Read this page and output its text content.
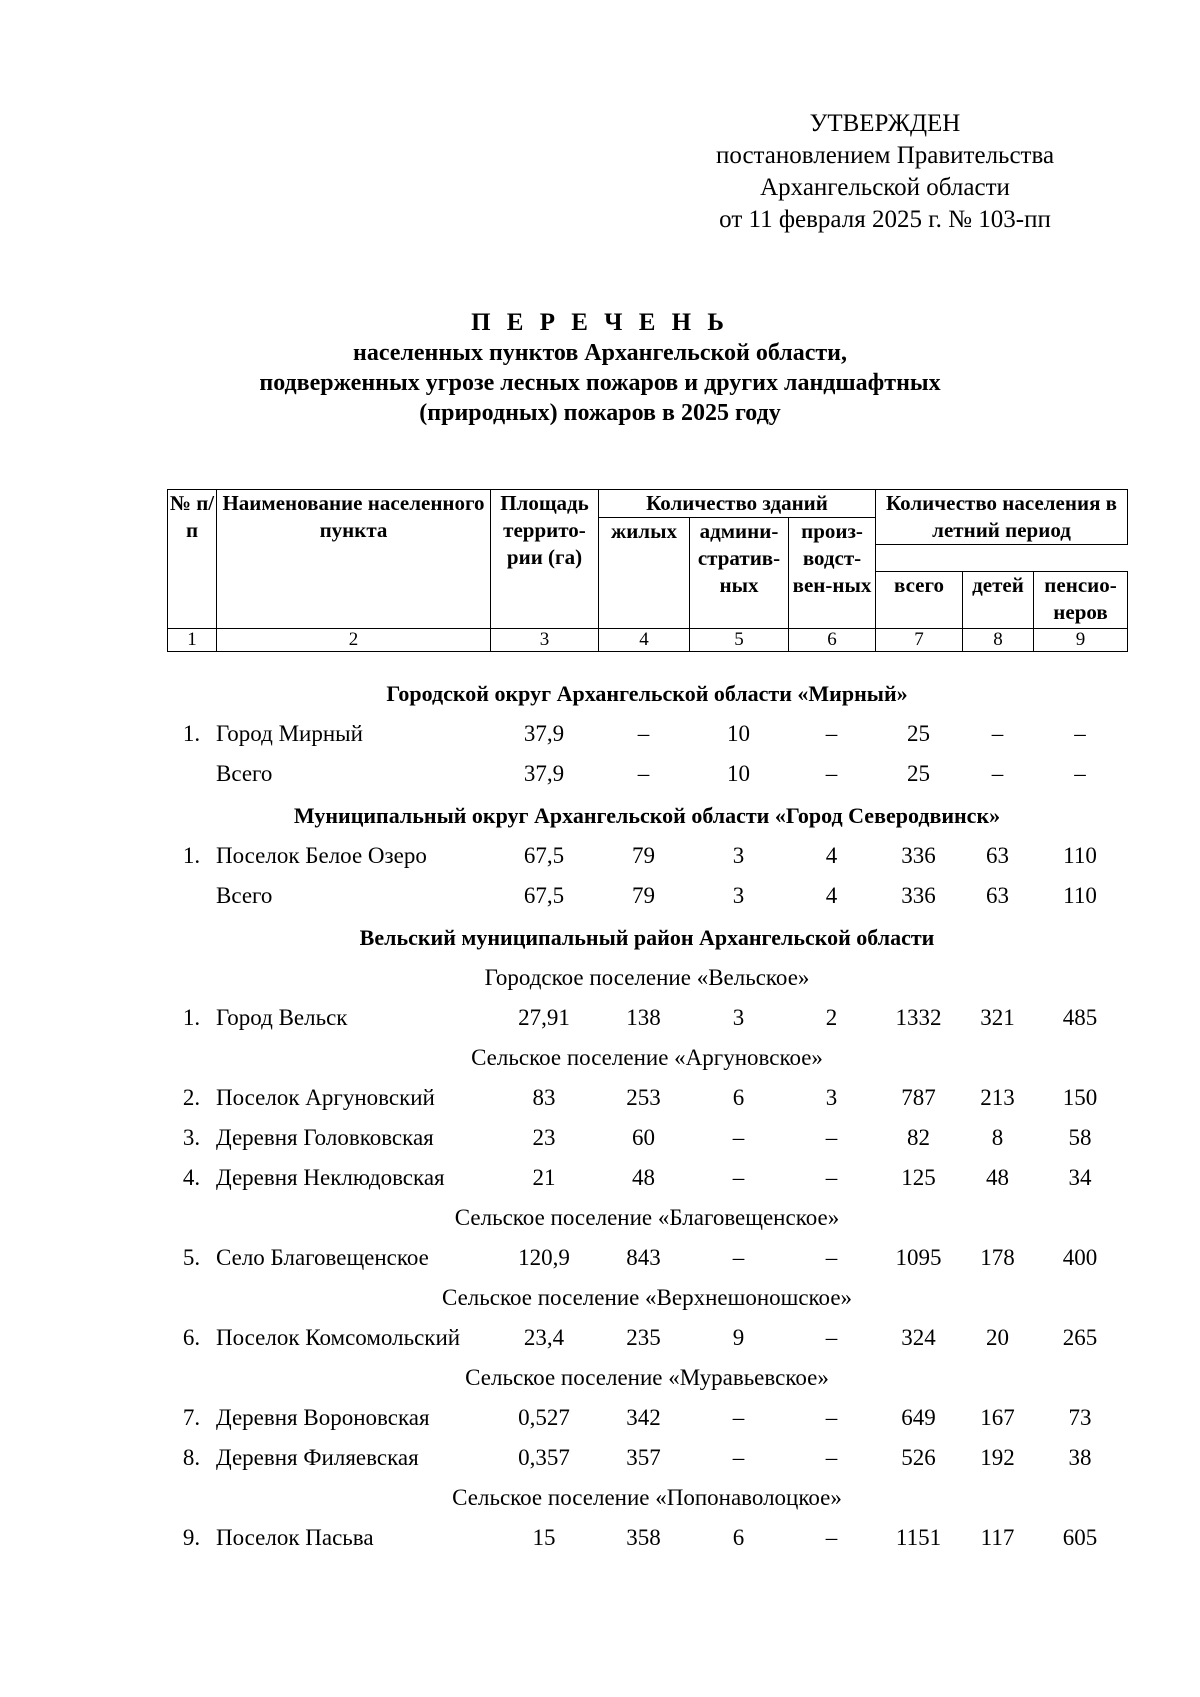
УТВЕРЖДЕН
постановлением Правительства
Архангельской области
от 11 февраля 2025 г. № 103-пп
П Е Р Е Ч Е Н Ь
населенных пунктов Архангельской области,
подверженных угрозе лесных пожаров и других ландшафтных
(природных) пожаров в 2025 году
№ п/п	Наименование населенного пункта	Площадь террито-рии (га)	Количество зданий			Количество населения в летний период		
			жилых	админи-стратив-ных	произ-водст-вен-ных			

						всего	детей	пенсио-неров
1	2	3	4	5	6	7	8	9
Городской округ Архангельской области «Мирный»
1. Город Мирный	37,9	–	10	–	25	–	–
Всего	37,9	–	10	–	25	–	–
Муниципальный округ Архангельской области «Город Северодвинск»
1. Поселок Белое Озеро	67,5	79	3	4	336	63	110
Всего	67,5	79	3	4	336	63	110
Вельский муниципальный район Архангельской области
Городское поселение «Вельское»
1. Город Вельск	27,91	138	3	2	1332	321	485
Сельское поселение «Аргуновское»
2. Поселок Аргуновский	83	253	6	3	787	213	150
3. Деревня Головковская	23	60	–	–	82	8	58
4. Деревня Неклюдовская	21	48	–	–	125	48	34
Сельское поселение «Благовещенское»
5. Село Благовещенское	120,9	843	–	–	1095	178	400
Сельское поселение «Верхнешоношское»
6. Поселок Комсомольский	23,4	235	9	–	324	20	265
Сельское поселение «Муравьевское»
7. Деревня Вороновская	0,527	342	–	–	649	167	73
8. Деревня Филяевская	0,357	357	–	–	526	192	38
Сельское поселение «Попонаволоцкое»
9. Поселок Пасьва	15	358	6	–	1151	117	605
